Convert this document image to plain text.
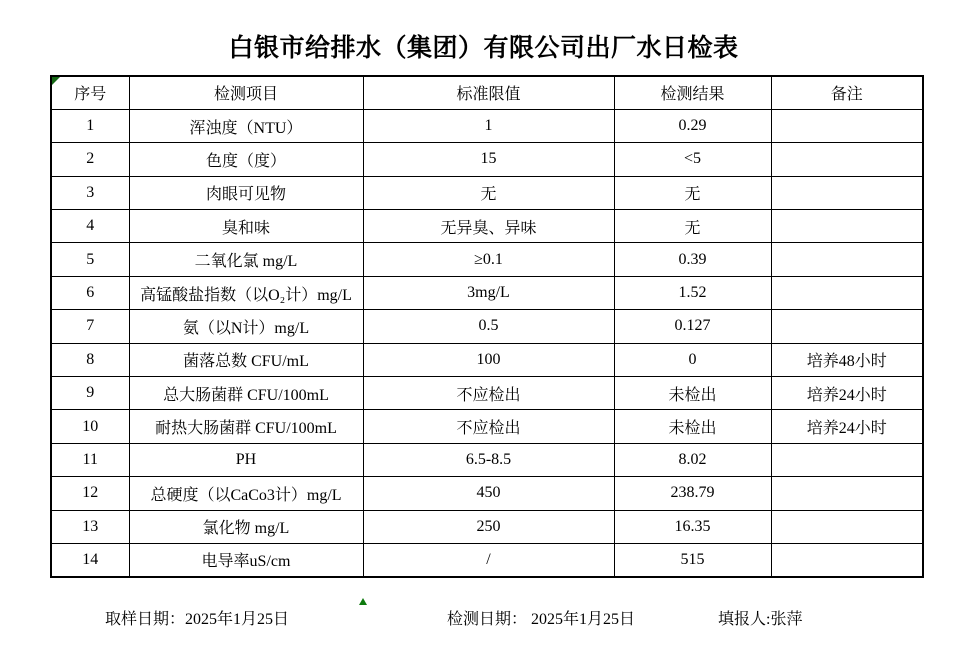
白银市给排水（集团）有限公司出厂水日检表
序号	检测项目	标准限值	检测结果	备注
1	浑浊度（NTU）	1	0.29	
2	色度（度）	15	<5	
3	肉眼可见物	无	无	
4	臭和味	无异臭、异味	无	
5	二氧化氯 mg/L	≥0.1	0.39	
6	高锰酸盐指数（以O₂计）mg/L	3mg/L	1.52	
7	氨（以N计）mg/L	0.5	0.127	
8	菌落总数 CFU/mL	100	0	培养48小时
9	总大肠菌群 CFU/100mL	不应检出	未检出	培养24小时
10	耐热大肠菌群 CFU/100mL	不应检出	未检出	培养24小时
11	PH	6.5-8.5	8.02	
12	总硬度（以CaCo3计）mg/L	450	238.79	
13	氯化物 mg/L	250	16.35	
14	电导率uS/cm	/	515	
取样日期：2025年1月25日	检测日期： 2025年1月25日	填报人:张萍
